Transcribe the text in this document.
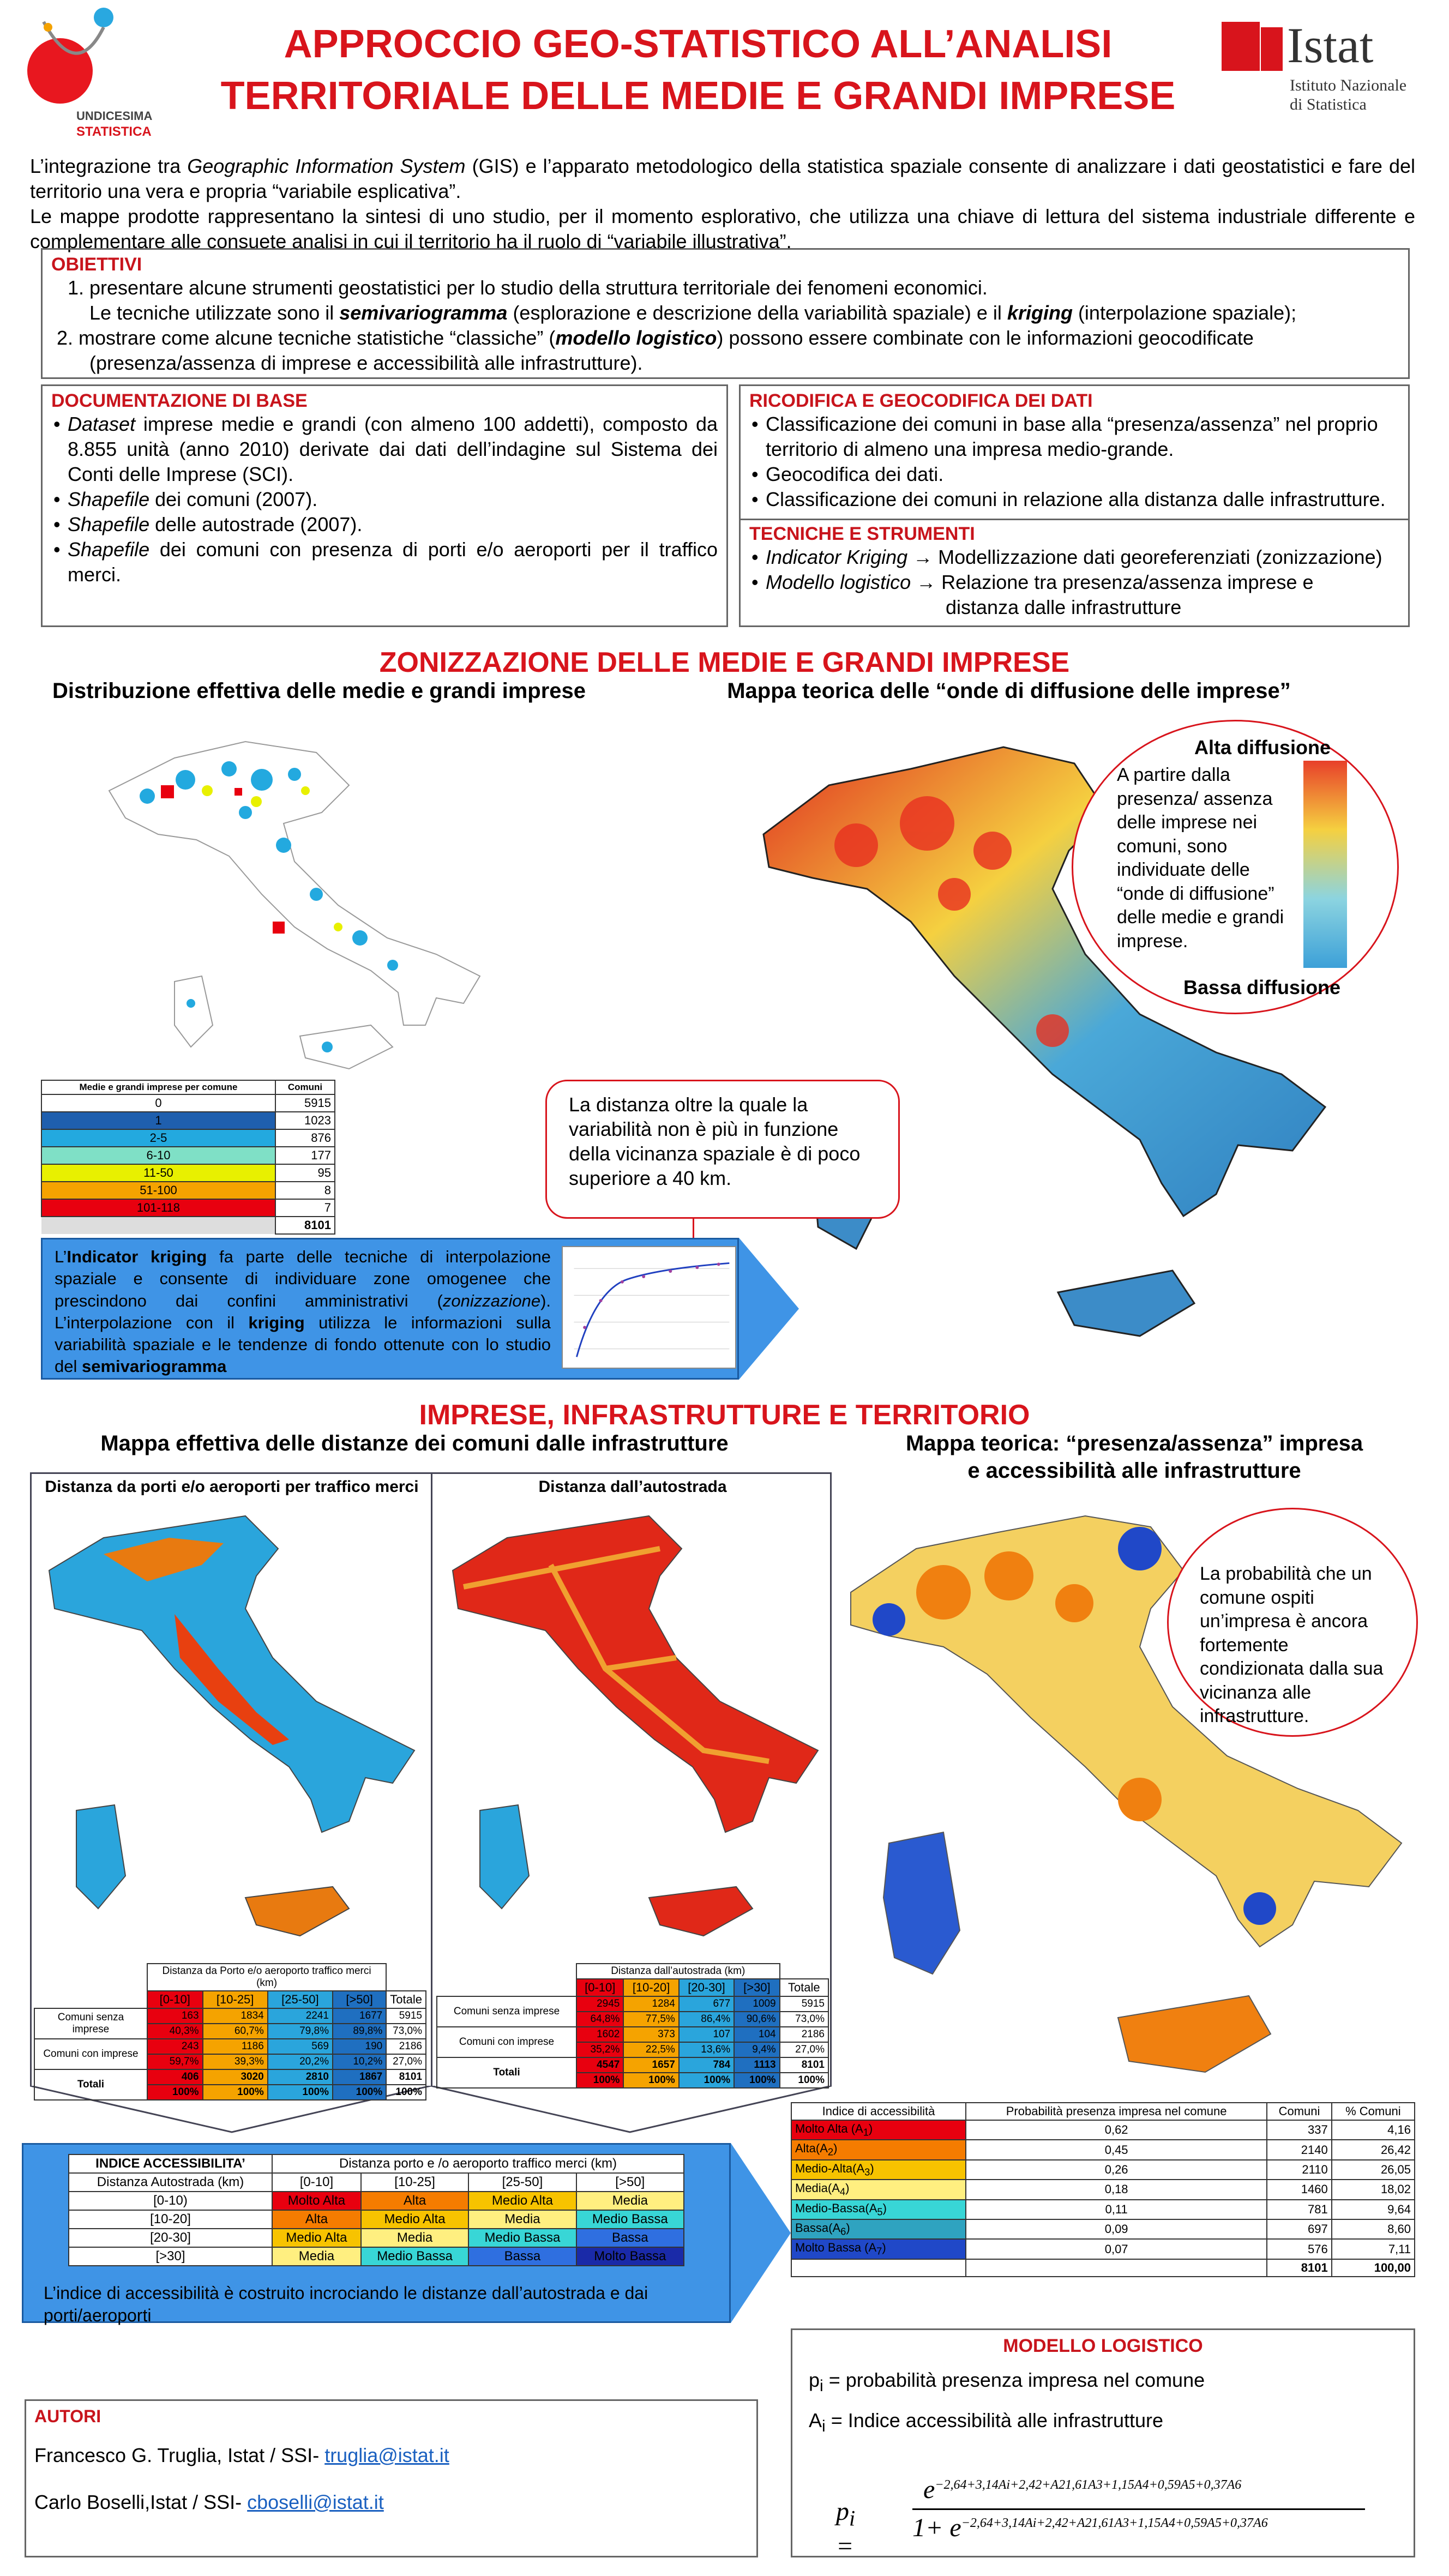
UNDICESIMA
STATISTICA
APPROCCIO GEO-STATISTICO ALL’ANALISI
TERRITORIALE DELLE MEDIE E GRANDI IMPRESE
Istat
Istituto Nazionale
di Statistica
L’integrazione tra Geographic Information System (GIS) e l’apparato metodologico della statistica spaziale consente di analizzare i dati geostatistici e fare del territorio una vera e propria “variabile esplicativa”.
Le mappe prodotte rappresentano la sintesi di uno studio, per il momento esplorativo, che utilizza una chiave di lettura del sistema industriale differente e complementare alle consuete analisi in cui il territorio ha il ruolo di “variabile illustrativa”.
OBIETTIVI
1. presentare alcune strumenti geostatistici per lo studio della struttura territoriale dei fenomeni economici.
Le tecniche utilizzate sono il semivariogramma (esplorazione e descrizione della variabilità spaziale) e il kriging (interpolazione spaziale);
2. mostrare come alcune tecniche statistiche “classiche” (modello logistico) possono essere combinate con le informazioni geocodificate
(presenza/assenza di imprese e accessibilità alle infrastrutture).
DOCUMENTAZIONE DI BASE
• Dataset imprese medie e grandi (con almeno 100 addetti), composto da 8.855 unità (anno 2010) derivate dai dati dell’indagine sul Sistema dei Conti delle Imprese (SCI).
• Shapefile dei comuni (2007).
• Shapefile delle autostrade (2007).
• Shapefile dei comuni con presenza di porti e/o aeroporti per il traffico merci.
RICODIFICA E GEOCODIFICA DEI DATI
• Classificazione dei comuni in base alla “presenza/assenza” nel proprio territorio di almeno una impresa medio-grande.
• Geocodifica dei dati.
• Classificazione dei comuni in relazione alla distanza dalle infrastrutture.
TECNICHE E STRUMENTI
• Indicator Kriging → Modellizzazione dati georeferenziati (zonizzazione)
• Modello logistico → Relazione tra presenza/assenza imprese e
distanza dalle infrastrutture
ZONIZZAZIONE DELLE MEDIE E GRANDI IMPRESE
Distribuzione effettiva delle medie e grandi imprese	Mappa teorica delle “onde di diffusione delle imprese”
Alta diffusione
A partire dalla presenza/ assenza delle imprese nei comuni, sono individuate delle “onde di diffusione” delle medie e grandi imprese.
Bassa diffusione
Medie e grandi imprese per comune	Comuni
0	5915
1	1023
2-5	876
6-10	177
11-50	95
51-100	8
101-118	7
	8101
La distanza oltre la quale la variabilità non è più in funzione della vicinanza spaziale è di poco superiore a 40 km.
L’Indicator kriging fa parte delle tecniche di interpolazione spaziale e consente di individuare zone omogenee che prescindono dai confini amministrativi (zonizzazione). L’interpolazione con il kriging utilizza le informazioni sulla variabilità spaziale e le tendenze di fondo ottenute con lo studio del semivariogramma
IMPRESE, INFRASTRUTTURE E TERRITORIO
Mappa effettiva delle distanze dei comuni dalle infrastrutture	Mappa teorica: “presenza/assenza” impresa
e accessibilità alle infrastrutture
Distanza da porti e/o aeroporti per traffico merci	Distanza dall’autostrada
La probabilità che un comune ospiti un’impresa è ancora fortemente condizionata dalla sua vicinanza alle infrastrutture.
	Distanza da Porto e/o aeroporto traffico merci (km)				
	[0-10]	[10-25]	[25-50]	[>50]	Totale
Comuni senza imprese	163	1834	2241	1677	5915
	40,3%	60,7%	79,8%	89,8%	73,0%
Comuni con imprese	243	1186	569	190	2186
	59,7%	39,3%	20,2%	10,2%	27,0%
Totali	406	3020	2810	1867	8101
	100%	100%	100%	100%	100%
	Distanza dall’autostrada (km)				
	[0-10]	[10-20]	[20-30]	[>30]	Totale
Comuni senza imprese	2945	1284	677	1009	5915
	64,8%	77,5%	86,4%	90,6%	73,0%
Comuni con imprese	1602	373	107	104	2186
	35,2%	22,5%	13,6%	9,4%	27,0%
Totali	4547	1657	784	1113	8101
	100%	100%	100%	100%	100%
INDICE ACCESSIBILITA’	Distanza porto e /o aeroporto traffico merci (km)			
Distanza Autostrada (km)	[0-10]	[10-25]	[25-50]	[>50]
[0-10)	Molto Alta	Alta	Medio Alta	Media
[10-20]	Alta	Medio Alta	Media	Medio Bassa
[20-30]	Medio Alta	Media	Medio Bassa	Bassa
[>30]	Media	Medio Bassa	Bassa	Molto Bassa
L’indice di accessibilità è costruito incrociando le distanze dall’autostrada e dai porti/aeroporti
Indice di accessibilità	Probabilità presenza impresa nel comune	Comuni	% Comuni
Molto Alta $(A_1)$	0,62	337	4,16
$Alta(A_2)$	0,45	2140	26,42
Medio-$Alta(A_3)$	0,26	2110	26,05
$Media(A_4)$	0,18	1460	18,02
Medio-$Bassa(A_5)$	0,11	781	9,64
$Bassa(A_6)$	0,09	697	8,60
Molto Bassa $(A_7)$	0,07	576	7,11
		8101	100,00
AUTORI
Francesco G. Truglia, Istat / SSI- truglia@istat.it
Carlo Boselli,Istat / SSI- cboselli@istat.it
MODELLO LOGISTICO
$p_i$ = probabilità presenza impresa nel comune
$A_i$ = Indice accessibilità alle infrastrutture
$p_i$ =
$e^{-2,64+3,14Ai+2,42+A21,61A3+1,15A4+0,59A5+0,37A6}$
$1+ e^{-2,64+3,14Ai+2,42+A21,61A3+1,15A4+0,59A5+0,37A6}$
